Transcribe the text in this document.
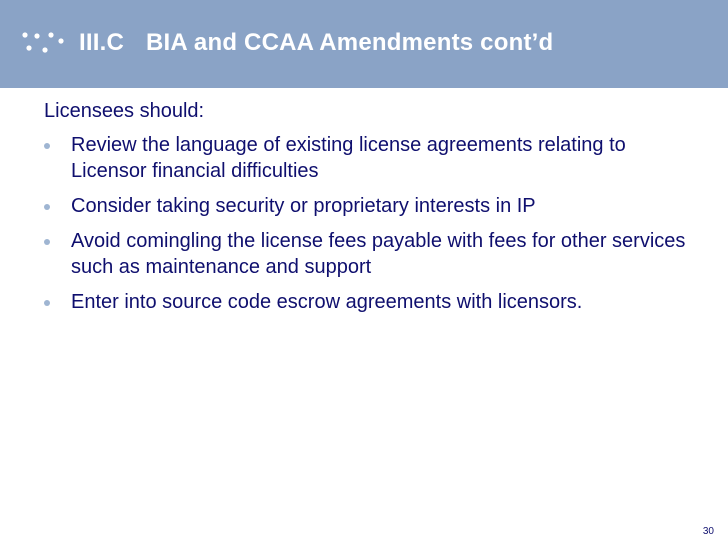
III.C BIA and CCAA Amendments cont’d
Licensees should:
Review the language of existing license agreements relating to Licensor financial difficulties
Consider taking security or proprietary interests in IP
Avoid comingling the license fees payable with fees for other services such as maintenance and support
Enter into source code escrow agreements with licensors.
30
